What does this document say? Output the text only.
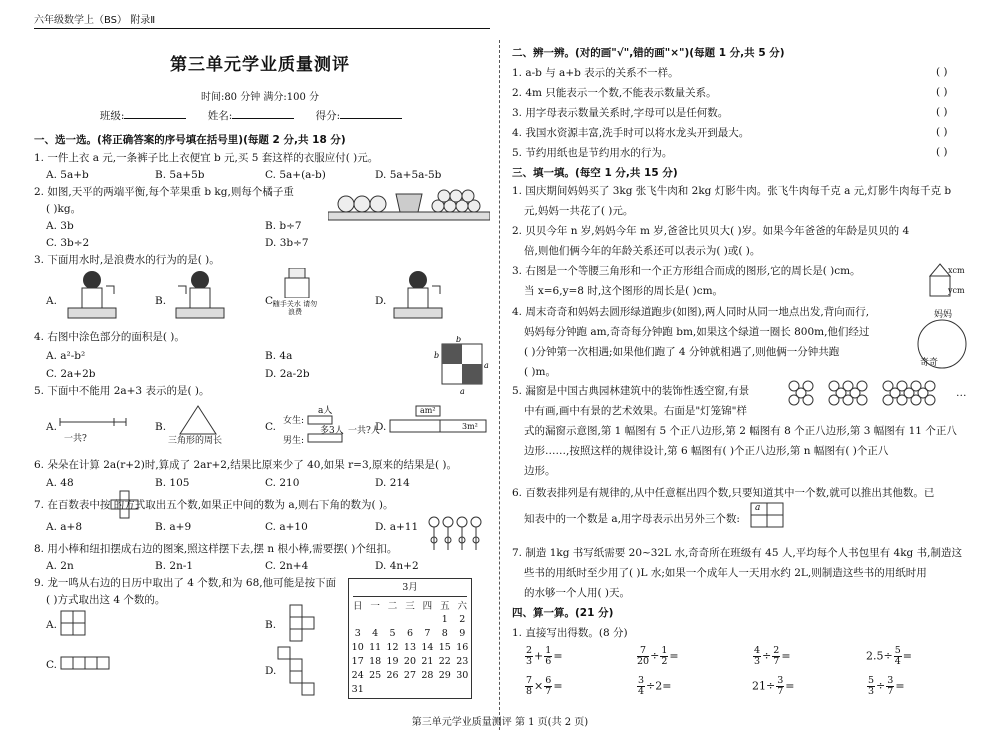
六年级数学上（BS） 附录Ⅱ
第三单元学业质量测评
时间:80 分钟 满分:100 分
班级:	姓名:	得分:
一、选一选。(将正确答案的序号填在括号里)(每题 2 分,共 18 分)
1. 一件上衣 a 元,一条裤子比上衣便宜 b 元,买 5 套这样的衣服应付( )元。
A. 5a+b	B. 5a+5b	C. 5a+(a-b)	D. 5a+5a-5b
2. 如图,天平的两端平衡,每个苹果重 b kg,则每个橘子重
( )kg。
A. 3b	B. b÷7
C. 3b÷2	D. 3b÷7
3. 下面用水时,是浪费水的行为的是( )。
A.	B.	C.	D.
随手关水 请勿浪费
4. 右图中涂色部分的面积是( )。
A. a²-b²	B. 4a
C. 2a+2b	D. 2a-2b
b
b
a
a
5. 下面中不能用 2a+3 表示的是( )。
A.
一共?
B.
三角形的周长
C. 女生:
男生:
a人
多3人 一共?人
D.
am²
3m²
6. 朵朵在计算 2a(r+2)时,算成了 2ar+2,结果比原来少了 40,如果 r=3,原来的结果是( )。
A. 48	B. 105	C. 210	D. 214
7. 在百数表中按 的方式取出五个数,如果正中间的数为 a,则右下角的数为( )。
A. a+8	B. a+9	C. a+10	D. a+11
8. 用小棒和纽扣摆成右边的图案,照这样摆下去,摆 n 根小棒,需要摆( )个纽扣。
A. 2n	B. 2n-1	C. 2n+4	D. 4n+2
9. 龙一鸣从右边的日历中取出了 4 个数,和为 68,他可能是按下面
( )方式取出这 4 个数的。
A.	B.
C.	D.
3月
日	一	二	三	四	五	六
					1	2
3	4	5	6	7	8	9
10	11	12	13	14	15	16
17	18	19	20	21	22	23
24	25	26	27	28	29	30
31						
二、辨一辨。(对的画"√",错的画"×")(每题 1 分,共 5 分)
1. a-b 与 a+b 表示的关系不一样。	( )
2. 4m 只能表示一个数,不能表示数量关系。	( )
3. 用字母表示数量关系时,字母可以是任何数。	( )
4. 我国水资源丰富,洗手时可以将水龙头开到最大。	( )
5. 节约用纸也是节约用水的行为。	( )
三、填一填。(每空 1 分,共 15 分)
1. 国庆期间妈妈买了 3kg 张飞牛肉和 2kg 灯影牛肉。张飞牛肉每千克 a 元,灯影牛肉每千克 b
元,妈妈一共花了( )元。
2. 贝贝今年 n 岁,妈妈今年 m 岁,爸爸比贝贝大( )岁。如果今年爸爸的年龄是贝贝的 4
倍,则他们俩今年的年龄关系还可以表示为( )或( )。
3. 右图是一个等腰三角形和一个正方形组合而成的图形,它的周长是( )cm。
当 x=6,y=8 时,这个图形的周长是( )cm。
xcm
ycm
4. 周末奇奇和妈妈去圆形绿道跑步(如图),两人同时从同一地点出发,背向而行,
妈妈每分钟跑 am,奇奇每分钟跑 bm,如果这个绿道一圈长 800m,他们经过
( )分钟第一次相遇;如果他们跑了 4 分钟就相遇了,则他俩一分钟共跑
( )m。
妈妈
奇奇
5. 漏窗是中国古典园林建筑中的装饰性透空窗,有景
中有画,画中有景的艺术效果。右面是"灯笼锦"样
式的漏窗示意图,第 1 幅图有 5 个正八边形,第 2 幅图有 8 个正八边形,第 3 幅图有 11 个正八
边形……,按照这样的规律设计,第 6 幅图有( )个正八边形,第 n 幅图有( )个正八
边形。
…
6. 百数表排列是有规律的,从中任意框出四个数,只要知道其中一个数,就可以推出其他数。已
知表中的一个数是 a,用字母表示出另外三个数:
a
7. 制造 1kg 书写纸需要 20~32L 水,奇奇所在班级有 45 人,平均每个人书包里有 4kg 书,制造这
些书的用纸时至少用了( )L 水;如果一个成年人一天用水约 2L,则制造这些书的用纸时用
的水够一个人用( )天。
四、算一算。(21 分)
1. 直接写出得数。(8 分)
$\frac{2}{3} + \frac{1}{6}$ =	$\frac{7}{20} \div \frac{1}{2}$ =	$\frac{4}{3} \div \frac{2}{7}$ =	$2.5\div \frac{5}{4}$ =
$\frac{7}{8} \times \frac{6}{7}$ =	$\frac{3}{4} \div 2=$	$21\div \frac{3}{7}$ =	$\frac{5}{3} \div \frac{3}{7}$ =
第三单元学业质量测评 第 1 页(共 2 页)
